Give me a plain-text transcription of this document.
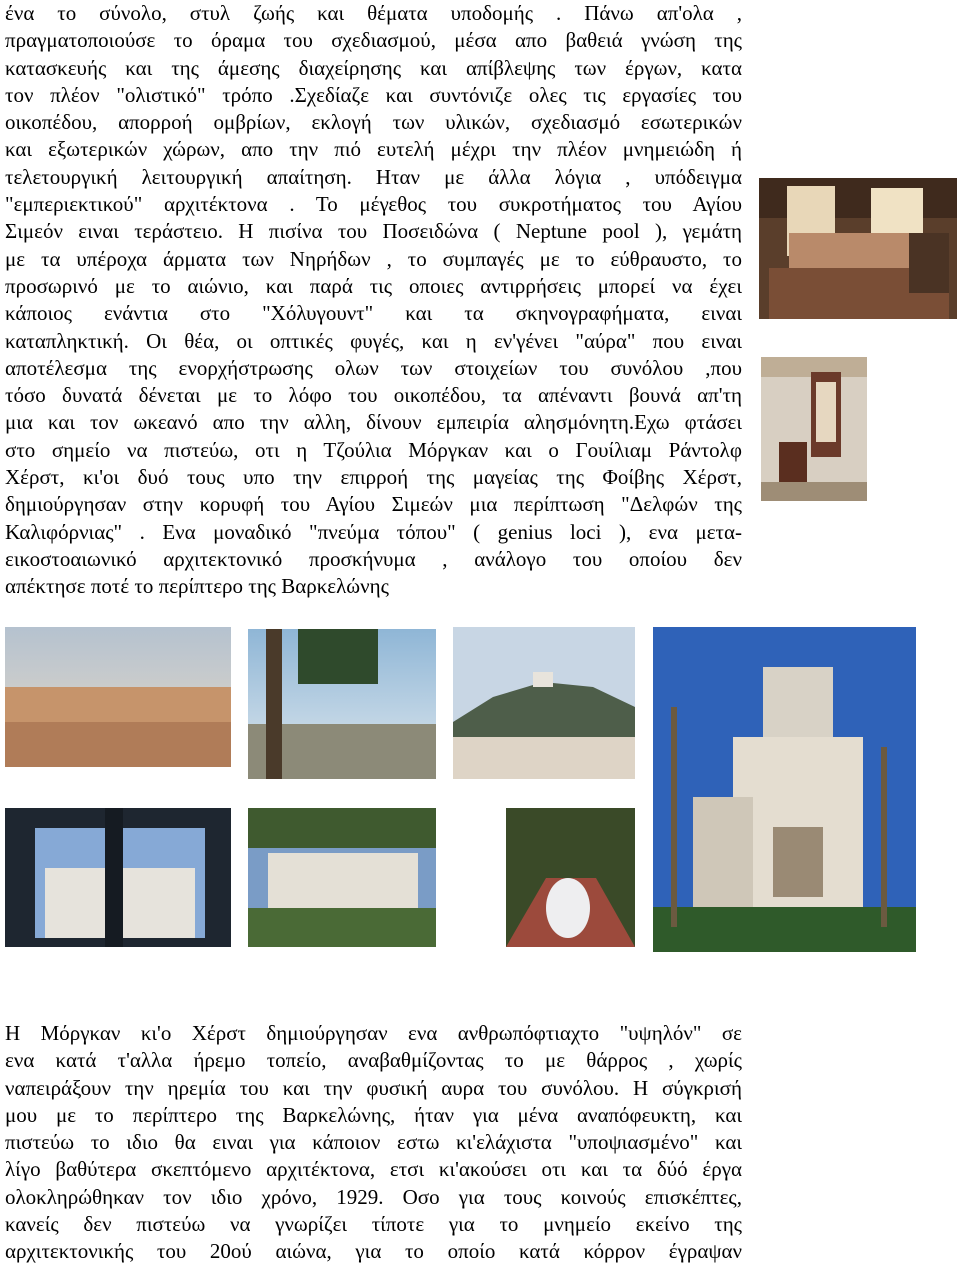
ένα το σύνολο, στυλ ζωής και θέματα υποδομής . Πάνω απ'ολα ,
πραγματοποιούσε το όραμα του σχεδιασμού, μέσα απο βαθειά γνώση της
κατασκευής και της άμεσης διαχείρησης και απίβλεψης των έργων, κατα
τον πλέον "ολιστικό" τρόπο .Σχεδίαζε και συντόνιζε ολες τις εργασίες του
οικοπέδου, απορροή ομβρίων, εκλογή των υλικών, σχεδιασμό εσωτερικών
και εξωτερικών χώρων, απο την πιό ευτελή μέχρι την πλέον μνημειώδη ή
τελετουργική λειτουργική απαίτηση. Ηταν με άλλα λόγια , υπόδειγμα
"εμπεριεκτικού" αρχιτέκτονα . Το μέγεθος του συκροτήματος του Αγίου
Σιμεόν ειναι τεράστειο. Η πισίνα του Ποσειδώνα ( Neptune pool ), γεμάτη
με τα υπέροχα άρματα των Νηρήδων , το συμπαγές με το εύθραυστο, το
προσωρινό με το αιώνιο, και παρά τις οποιες αντιρρήσεις μπορεί να έχει
κάποιος ενάντια στο "Χόλυγουντ" και τα σκηνογραφήματα, ειναι
καταπληκτική. Οι θέα, οι οπτικές φυγές, και η εν'γένει "αύρα" που ειναι
αποτέλεσμα της ενορχήστρωσης ολων των στοιχείων του συνόλου ,πoυ
τόσο δυνατά δένεται με το λόφο του οικοπέδου, τα απέναντι βουνά απ'τη
μια και τον ωκεανό απο την αλλη, δίνουν εμπειρία αλησμόνητη.Εχω φτάσει
στο σημείο να πιστεύω, οτι η Τζούλια Μόργκαν και ο Γουίλιαμ Ράντολφ
Χέρστ, κι'οι δυό τους υπο την επιρροή της μαγείας της Φοίβης Χέρστ,
δημιούργησαν στην κορυφή του Αγίου Σιμεών μια περίπτωση "Δελφών της
Καλιφόρνιας" . Ενα μοναδικό "πνεύμα τόπου" ( genius loci ), ενα μετα-
εικοστοαιωνικό αρχιτεκτονικό προσκήνυμα , ανάλογο του οποίου δεν
απέκτησε ποτέ το περίπτερο της Βαρκελώνης
Η Μόργκαν κι'ο Χέρστ δημιούργησαν ενα ανθρωπόφτιαχτο "υψηλόν" σε
ενα κατά τ'αλλα ήρεμο τοπείο, αναβαθμίζοντας το με θάρρος , χωρίς
ναπειράξουν την ηρεμία του και την φυσική αυρα του συνόλου. Η σύγκρισή
μου με το περίπτερο της Βαρκελώνης, ήταν για μένα αναπόφευκτη, και
πιστεύω το ιδιο θα ειναι για κάποιον εστω κι'ελάχιστα "υποψιασμένο" και
λίγο βαθύτερα σκεπτόμενο αρχιτέκτονα, ετσι κι'ακούσει οτι και τα δύό έργα
ολοκληρώθηκαν τον ιδιο χρόνο, 1929. Οσο για τους κοινούς επισκέπτες,
κανείς δεν πιστεύω να γνωρίζει τίποτε για το μνημείο εκείνο της
αρχιτεκτονικής του 20ού αιώνα, για το οποίο κατά κόρρον έγραψαν
